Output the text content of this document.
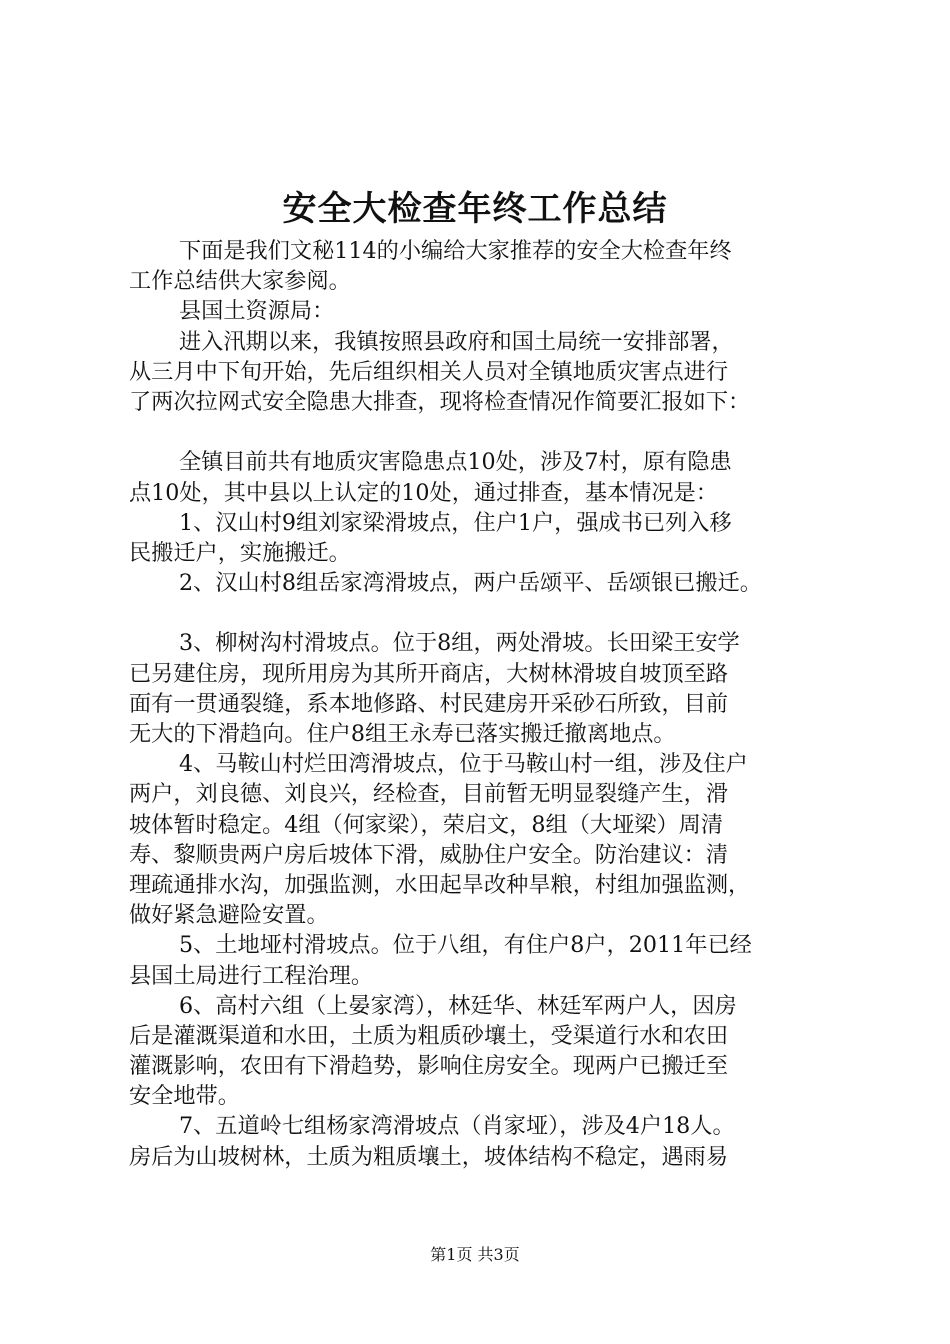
安全大检查年终工作总结
下面是我们文秘114的小编给大家推荐的安全大检查年终
工作总结供大家参阅。
县国土资源局：
进入汛期以来，我镇按照县政府和国土局统一安排部署，
从三月中下旬开始，先后组织相关人员对全镇地质灾害点进行
了两次拉网式安全隐患大排查，现将检查情况作简要汇报如下：
全镇目前共有地质灾害隐患点10处，涉及7村，原有隐患
点10处，其中县以上认定的10处，通过排查，基本情况是：
1、汉山村9组刘家梁滑坡点，住户1户，强成书已列入移
民搬迁户，实施搬迁。
2、汉山村8组岳家湾滑坡点，两户岳颂平、岳颂银已搬迁。
3、柳树沟村滑坡点。位于8组，两处滑坡。长田梁王安学
已另建住房，现所用房为其所开商店，大树林滑坡自坡顶至路
面有一贯通裂缝，系本地修路、村民建房开采砂石所致，目前
无大的下滑趋向。住户8组王永寿已落实搬迁撤离地点。
4、马鞍山村烂田湾滑坡点，位于马鞍山村一组，涉及住户
两户，刘良德、刘良兴，经检查，目前暂无明显裂缝产生，滑
坡体暂时稳定。4组（何家梁），荣启文，8组（大垭梁）周清
寿、黎顺贵两户房后坡体下滑，威胁住户安全。防治建议：清
理疏通排水沟，加强监测，水田起旱改种旱粮，村组加强监测，
做好紧急避险安置。
5、土地垭村滑坡点。位于八组，有住户8户，2011年已经
县国土局进行工程治理。
6、高村六组（上晏家湾），林廷华、林廷军两户人，因房
后是灌溉渠道和水田，土质为粗质砂壤土，受渠道行水和农田
灌溉影响，农田有下滑趋势，影响住房安全。现两户已搬迁至
安全地带。
7、五道岭七组杨家湾滑坡点（肖家垭），涉及4户18人。
房后为山坡树林，土质为粗质壤土，坡体结构不稳定，遇雨易
第1页 共3页
